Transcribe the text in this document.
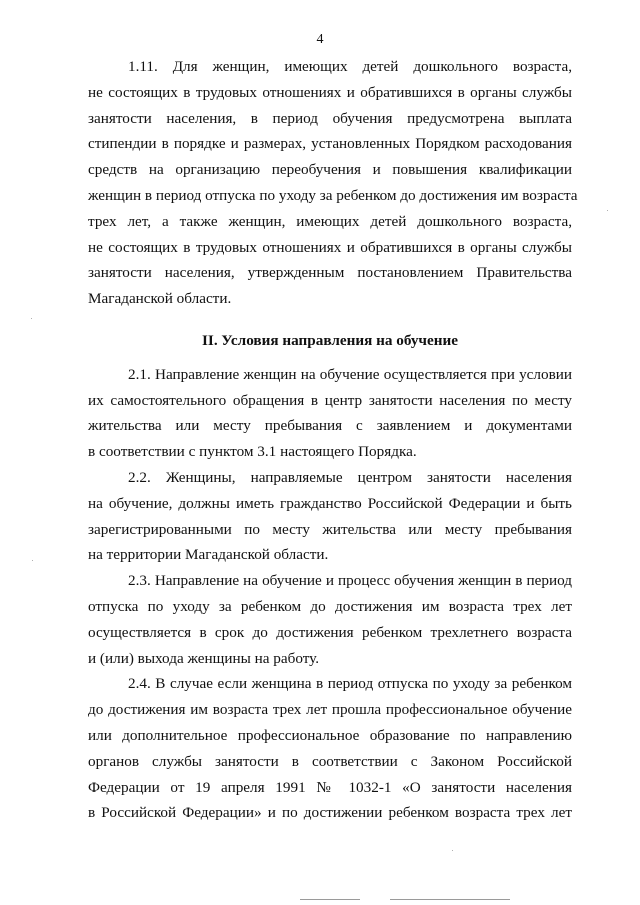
4
1.11. Для женщин, имеющих детей дошкольного возраста,
не состоящих в трудовых отношениях и обратившихся в органы службы
занятости населения, в период обучения предусмотрена выплата
стипендии в порядке и размерах, установленных Порядком расходования
средств на организацию переобучения и повышения квалификации
женщин в период отпуска по уходу за ребенком до достижения им возраста
трех лет, а также женщин, имеющих детей дошкольного возраста,
не состоящих в трудовых отношениях и обратившихся в органы службы
занятости населения, утвержденным постановлением Правительства
Магаданской области.
II. Условия направления на обучение
2.1. Направление женщин на обучение осуществляется при условии
их самостоятельного обращения в центр занятости населения по месту
жительства или месту пребывания с заявлением и документами
в соответствии с пунктом 3.1 настоящего Порядка.
2.2. Женщины, направляемые центром занятости населения
на обучение, должны иметь гражданство Российской Федерации и быть
зарегистрированными по месту жительства или месту пребывания
на территории Магаданской области.
2.3. Направление на обучение и процесс обучения женщин в период
отпуска по уходу за ребенком до достижения им возраста трех лет
осуществляется в срок до достижения ребенком трехлетнего возраста
и (или) выхода женщины на работу.
2.4. В случае если женщина в период отпуска по уходу за ребенком
до достижения им возраста трех лет прошла профессиональное обучение
или дополнительное профессиональное образование по направлению
органов службы занятости в соответствии с Законом Российской
Федерации от 19 апреля 1991 № 1032-1 «О занятости населения
в Российской Федерации» и по достижении ребенком возраста трех лет
